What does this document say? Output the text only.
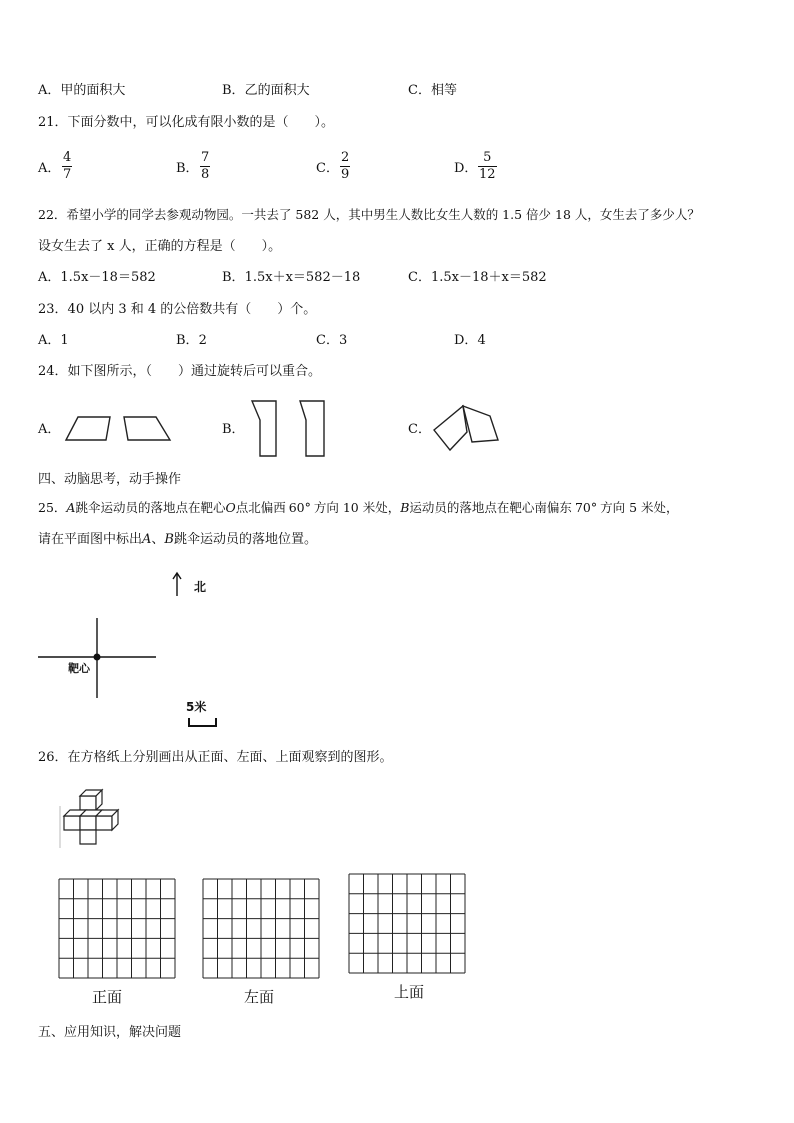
A．甲的面积大	B．乙的面积大	C．相等
21．下面分数中，可以化成有限小数的是（　　）。
A．
4
7	B．
7
8	C．
2
9	D．
5
12
22．希望小学的同学去参观动物园。一共去了 582 人，其中男生人数比女生人数的 1.5 倍少 18 人，女生去了多少人？
设女生去了 x 人，正确的方程是（　　）。
A．1.5x－18＝582	B．1.5x＋x＝582－18	C．1.5x－18＋x＝582
23．40 以内 3 和 4 的公倍数共有（　　）个。
A．1	B．2	C．3	D．4
24．如下图所示，（　　）通过旋转后可以重合。
A．	B．	C．
四、动脑思考，动手操作
25．A跳伞运动员的落地点在靶心O点北偏西 60° 方向 10 米处，B运动员的落地点在靶心南偏东 70° 方向 5 米处，
请在平面图中标出A、B跳伞运动员的落地位置。
北
靶心
5米
26．在方格纸上分别画出从正面、左面、上面观察到的图形。
正面	左面	上面
五、应用知识，解决问题
